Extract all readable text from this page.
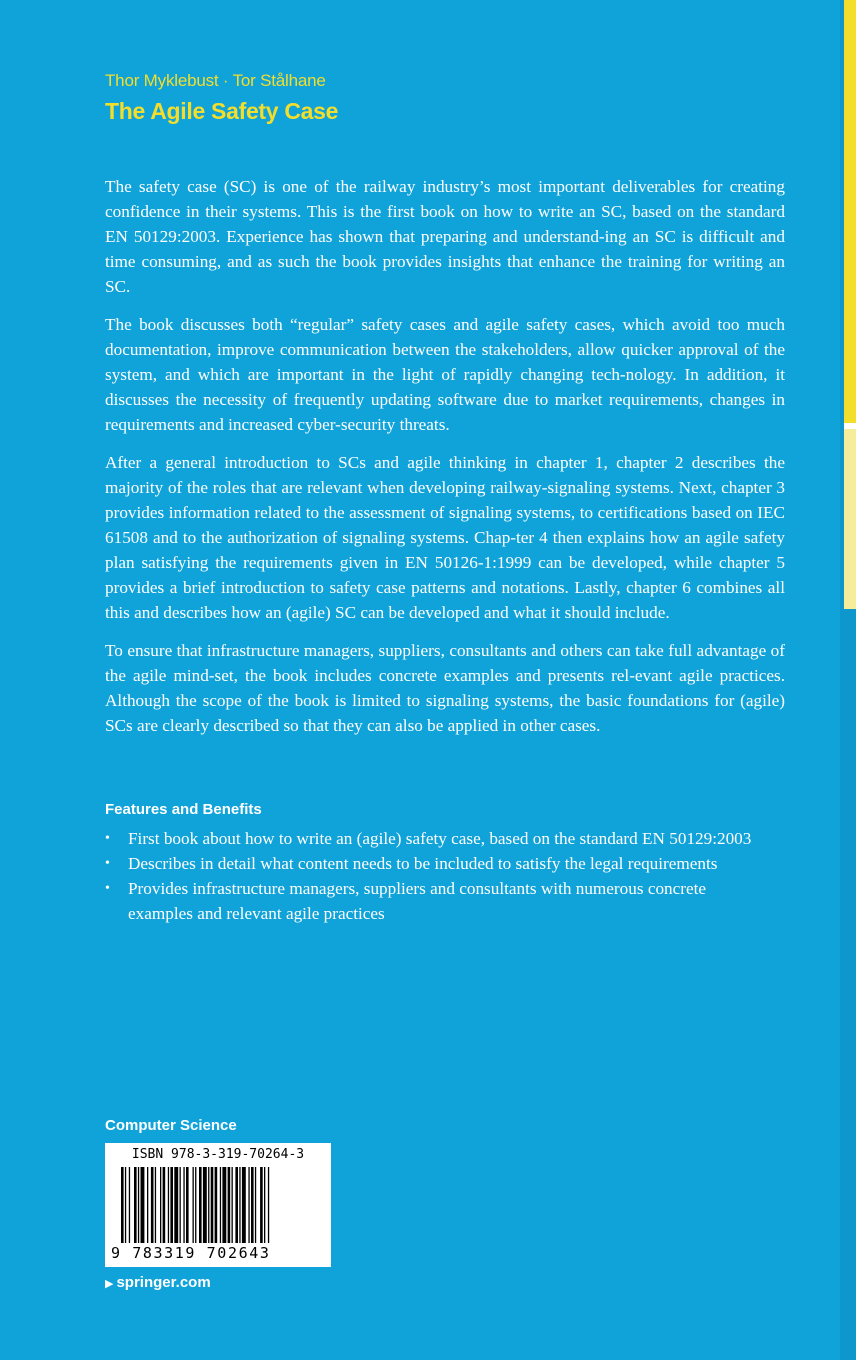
Thor Myklebust · Tor Stålhane
The Agile Safety Case

The safety case (SC) is one of the railway industry’s most important deliverables for creating confidence in their systems. This is the first book on how to write an SC, based on the standard EN 50129:2003. Experience has shown that preparing and understand-ing an SC is difficult and time consuming, and as such the book provides insights that enhance the training for writing an SC.

The book discusses both “regular” safety cases and agile safety cases, which avoid too much documentation, improve communication between the stakeholders, allow quicker approval of the system, and which are important in the light of rapidly changing tech-nology. In addition, it discusses the necessity of frequently updating software due to market requirements, changes in requirements and increased cyber-security threats.

After a general introduction to SCs and agile thinking in chapter 1, chapter 2 describes the majority of the roles that are relevant when developing railway-signaling systems. Next, chapter 3 provides information related to the assessment of signaling systems, to certifications based on IEC 61508 and to the authorization of signaling systems. Chap-ter 4 then explains how an agile safety plan satisfying the requirements given in EN 50126-1:1999 can be developed, while chapter 5 provides a brief introduction to safety case patterns and notations. Lastly, chapter 6 combines all this and describes how an (agile) SC can be developed and what it should include.

To ensure that infrastructure managers, suppliers, consultants and others can take full advantage of the agile mind-set, the book includes concrete examples and presents rel-evant agile practices. Although the scope of the book is limited to signaling systems, the basic foundations for (agile) SCs are clearly described so that they can also be applied in other cases.

Features and Benefits
• First book about how to write an (agile) safety case, based on the standard EN 50129:2003
• Describes in detail what content needs to be included to satisfy the legal requirements
• Provides infrastructure managers, suppliers and consultants with numerous concrete examples and relevant agile practices
Computer Science
ISBN 978-3-319-70264-3
9 783319 702643
▶ springer.com
